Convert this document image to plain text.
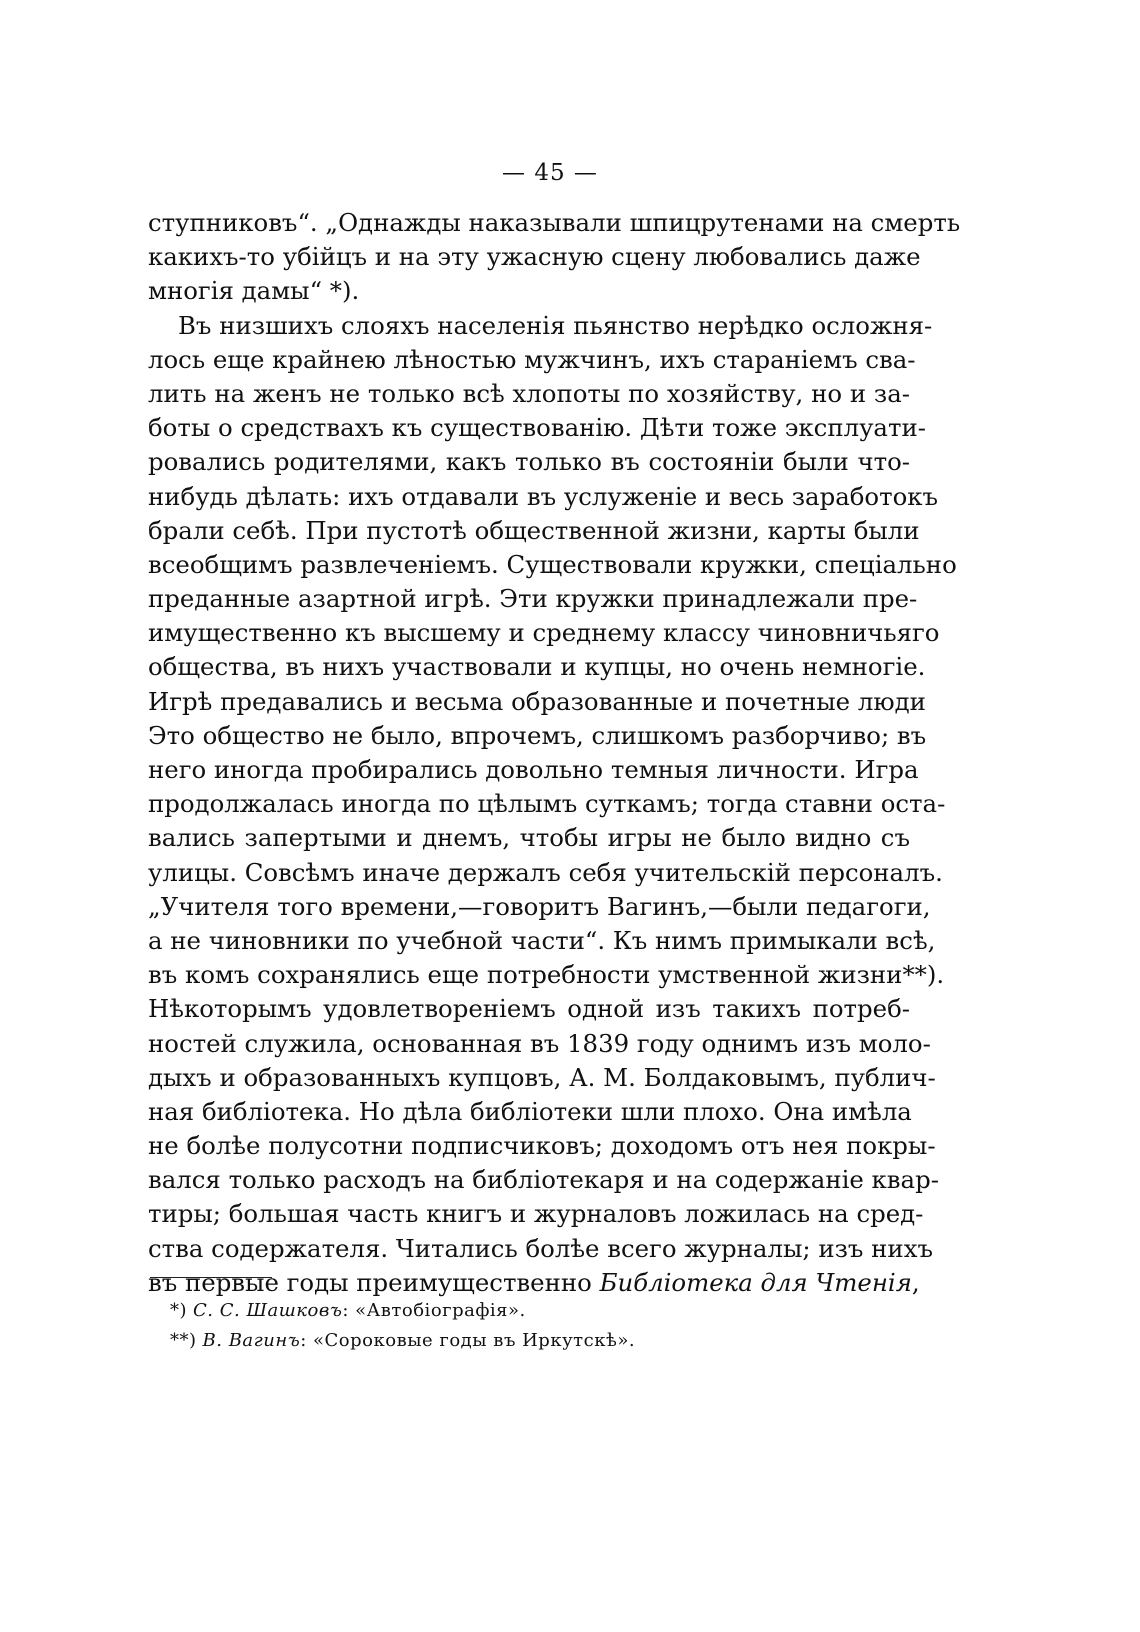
— 45 —
ступниковъ“. „Однажды наказывали шпицрутенами на смерть
какихъ-то убійцъ и на эту ужасную сцену любовались даже
многія дамы“ *).
Въ низшихъ слояхъ населенія пьянство нерѣдко осложня-
лось еще крайнею лѣностью мужчинъ, ихъ стараніемъ сва-
лить на женъ не только всѣ хлопоты по хозяйству, но и за-
боты о средствахъ къ существованію. Дѣти тоже эксплуати-
ровались родителями, какъ только въ состояніи были что-
нибудь дѣлать: ихъ отдавали въ услуженіе и весь заработокъ
брали себѣ. При пустотѣ общественной жизни, карты были
всеобщимъ развлеченіемъ. Существовали кружки, спеціально
преданные азартной игрѣ. Эти кружки принадлежали пре-
имущественно къ высшему и среднему классу чиновничьяго
общества, въ нихъ участвовали и купцы, но очень немногіе.
Игрѣ предавались и весьма образованные и почетные люди
Это общество не было, впрочемъ, слишкомъ разборчиво; въ
него иногда пробирались довольно темныя личности. Игра
продолжалась иногда по цѣлымъ суткамъ; тогда ставни оста-
вались запертыми и днемъ, чтобы игры не было видно съ
улицы. Совсѣмъ иначе держалъ себя учительскій персоналъ.
„Учителя того времени,—говоритъ Вагинъ,—были педагоги,
а не чиновники по учебной части“. Къ нимъ примыкали всѣ,
въ комъ сохранялись еще потребности умственной жизни**).
Нѣкоторымъ удовлетвореніемъ одной изъ такихъ потреб-
ностей служила, основанная въ 1839 году однимъ изъ моло-
дыхъ и образованныхъ купцовъ, А. М. Болдаковымъ, публич-
ная библіотека. Но дѣла библіотеки шли плохо. Она имѣла
не болѣе полусотни подписчиковъ; доходомъ отъ нея покры-
вался только расходъ на библіотекаря и на содержаніе квар-
тиры; большая часть книгъ и журналовъ ложилась на сред-
ства содержателя. Читались болѣе всего журналы; изъ нихъ
въ первые годы преимущественно Библіотека для Чтенія,
*) С. С. Шашковъ: «Автобіографія».
**) В. Вагинъ: «Сороковые годы въ Иркутскѣ».
